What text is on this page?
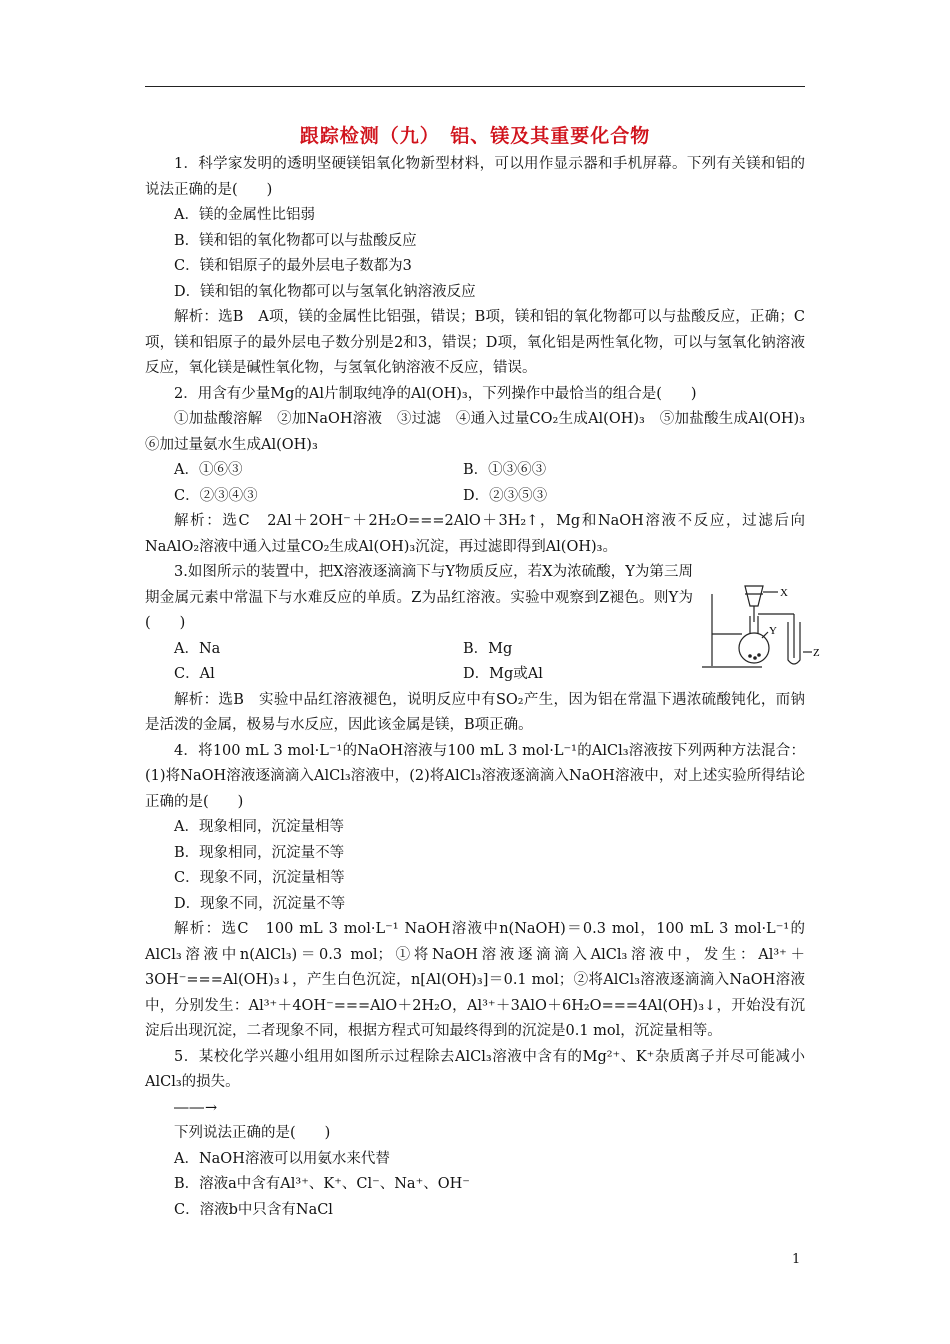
跟踪检测（九）　铝、镁及其重要化合物

1．科学家发明的透明坚硬镁铝氧化物新型材料，可以用作显示器和手机屏幕。下列有关镁和铝的说法正确的是(　　)

A．镁的金属性比铝弱

B．镁和铝的氧化物都可以与盐酸反应

C．镁和铝原子的最外层电子数都为3

D．镁和铝的氧化物都可以与氢氧化钠溶液反应

解析：选B　A项，镁的金属性比铝强，错误；B项，镁和铝的氧化物都可以与盐酸反应，正确；C项，镁和铝原子的最外层电子数分别是2和3，错误；D项，氧化铝是两性氧化物，可以与氢氧化钠溶液反应，氧化镁是碱性氧化物，与氢氧化钠溶液不反应，错误。

2．用含有少量Mg的Al片制取纯净的Al(OH)₃，下列操作中最恰当的组合是(　　)

①加盐酸溶解　②加NaOH溶液　③过滤　④通入过量CO₂生成Al(OH)₃　⑤加盐酸生成Al(OH)₃　⑥加过量氨水生成Al(OH)₃

A．①⑥③	B．①③⑥③
C．②③④③	D．②③⑤③

解析：选C　2Al＋2OH⁻＋2H₂O===2AlO＋3H₂↑，Mg和NaOH溶液不反应，过滤后向NaAlO₂溶液中通入过量CO₂生成Al(OH)₃沉淀，再过滤即得到Al(OH)₃。

3.如图所示的装置中，把X溶液逐滴滴下与Y物质反应，若X为浓硫酸，Y为第三周期金属元素中常温下与水难反应的单质。Z为品红溶液。实验中观察到Z褪色。则Y为(　　)

A．Na	B．Mg
C．Al	D．Mg或Al

解析：选B　实验中品红溶液褪色，说明反应中有SO₂产生，因为铝在常温下遇浓硫酸钝化，而钠是活泼的金属，极易与水反应，因此该金属是镁，B项正确。

4．将100 mL 3 mol·L⁻¹的NaOH溶液与100 mL 3 mol·L⁻¹的AlCl₃溶液按下列两种方法混合：(1)将NaOH溶液逐滴滴入AlCl₃溶液中，(2)将AlCl₃溶液逐滴滴入NaOH溶液中，对上述实验所得结论正确的是(　　)

A．现象相同，沉淀量相等

B．现象相同，沉淀量不等

C．现象不同，沉淀量相等

D．现象不同，沉淀量不等

解析：选C　100 mL 3 mol·L⁻¹ NaOH溶液中n(NaOH)＝0.3 mol，100 mL 3 mol·L⁻¹的AlCl₃溶液中n(AlCl₃)＝0.3 mol；①将NaOH溶液逐滴滴入AlCl₃溶液中，发生：Al³⁺＋3OH⁻===Al(OH)₃↓，产生白色沉淀，n[Al(OH)₃]＝0.1 mol；②将AlCl₃溶液逐滴滴入NaOH溶液中，分别发生：Al³⁺＋4OH⁻===AlO＋2H₂O，Al³⁺＋3AlO＋6H₂O===4Al(OH)₃↓，开始没有沉淀后出现沉淀，二者现象不同，根据方程式可知最终得到的沉淀是0.1 mol，沉淀量相等。

5．某校化学兴趣小组用如图所示过程除去AlCl₃溶液中含有的Mg²⁺、K⁺杂质离子并尽可能减小AlCl₃的损失。

――→

下列说法正确的是(　　)

A．NaOH溶液可以用氨水来代替

B．溶液a中含有Al³⁺、K⁺、Cl⁻、Na⁺、OH⁻

C．溶液b中只含有NaCl

X
Y
Z
1
